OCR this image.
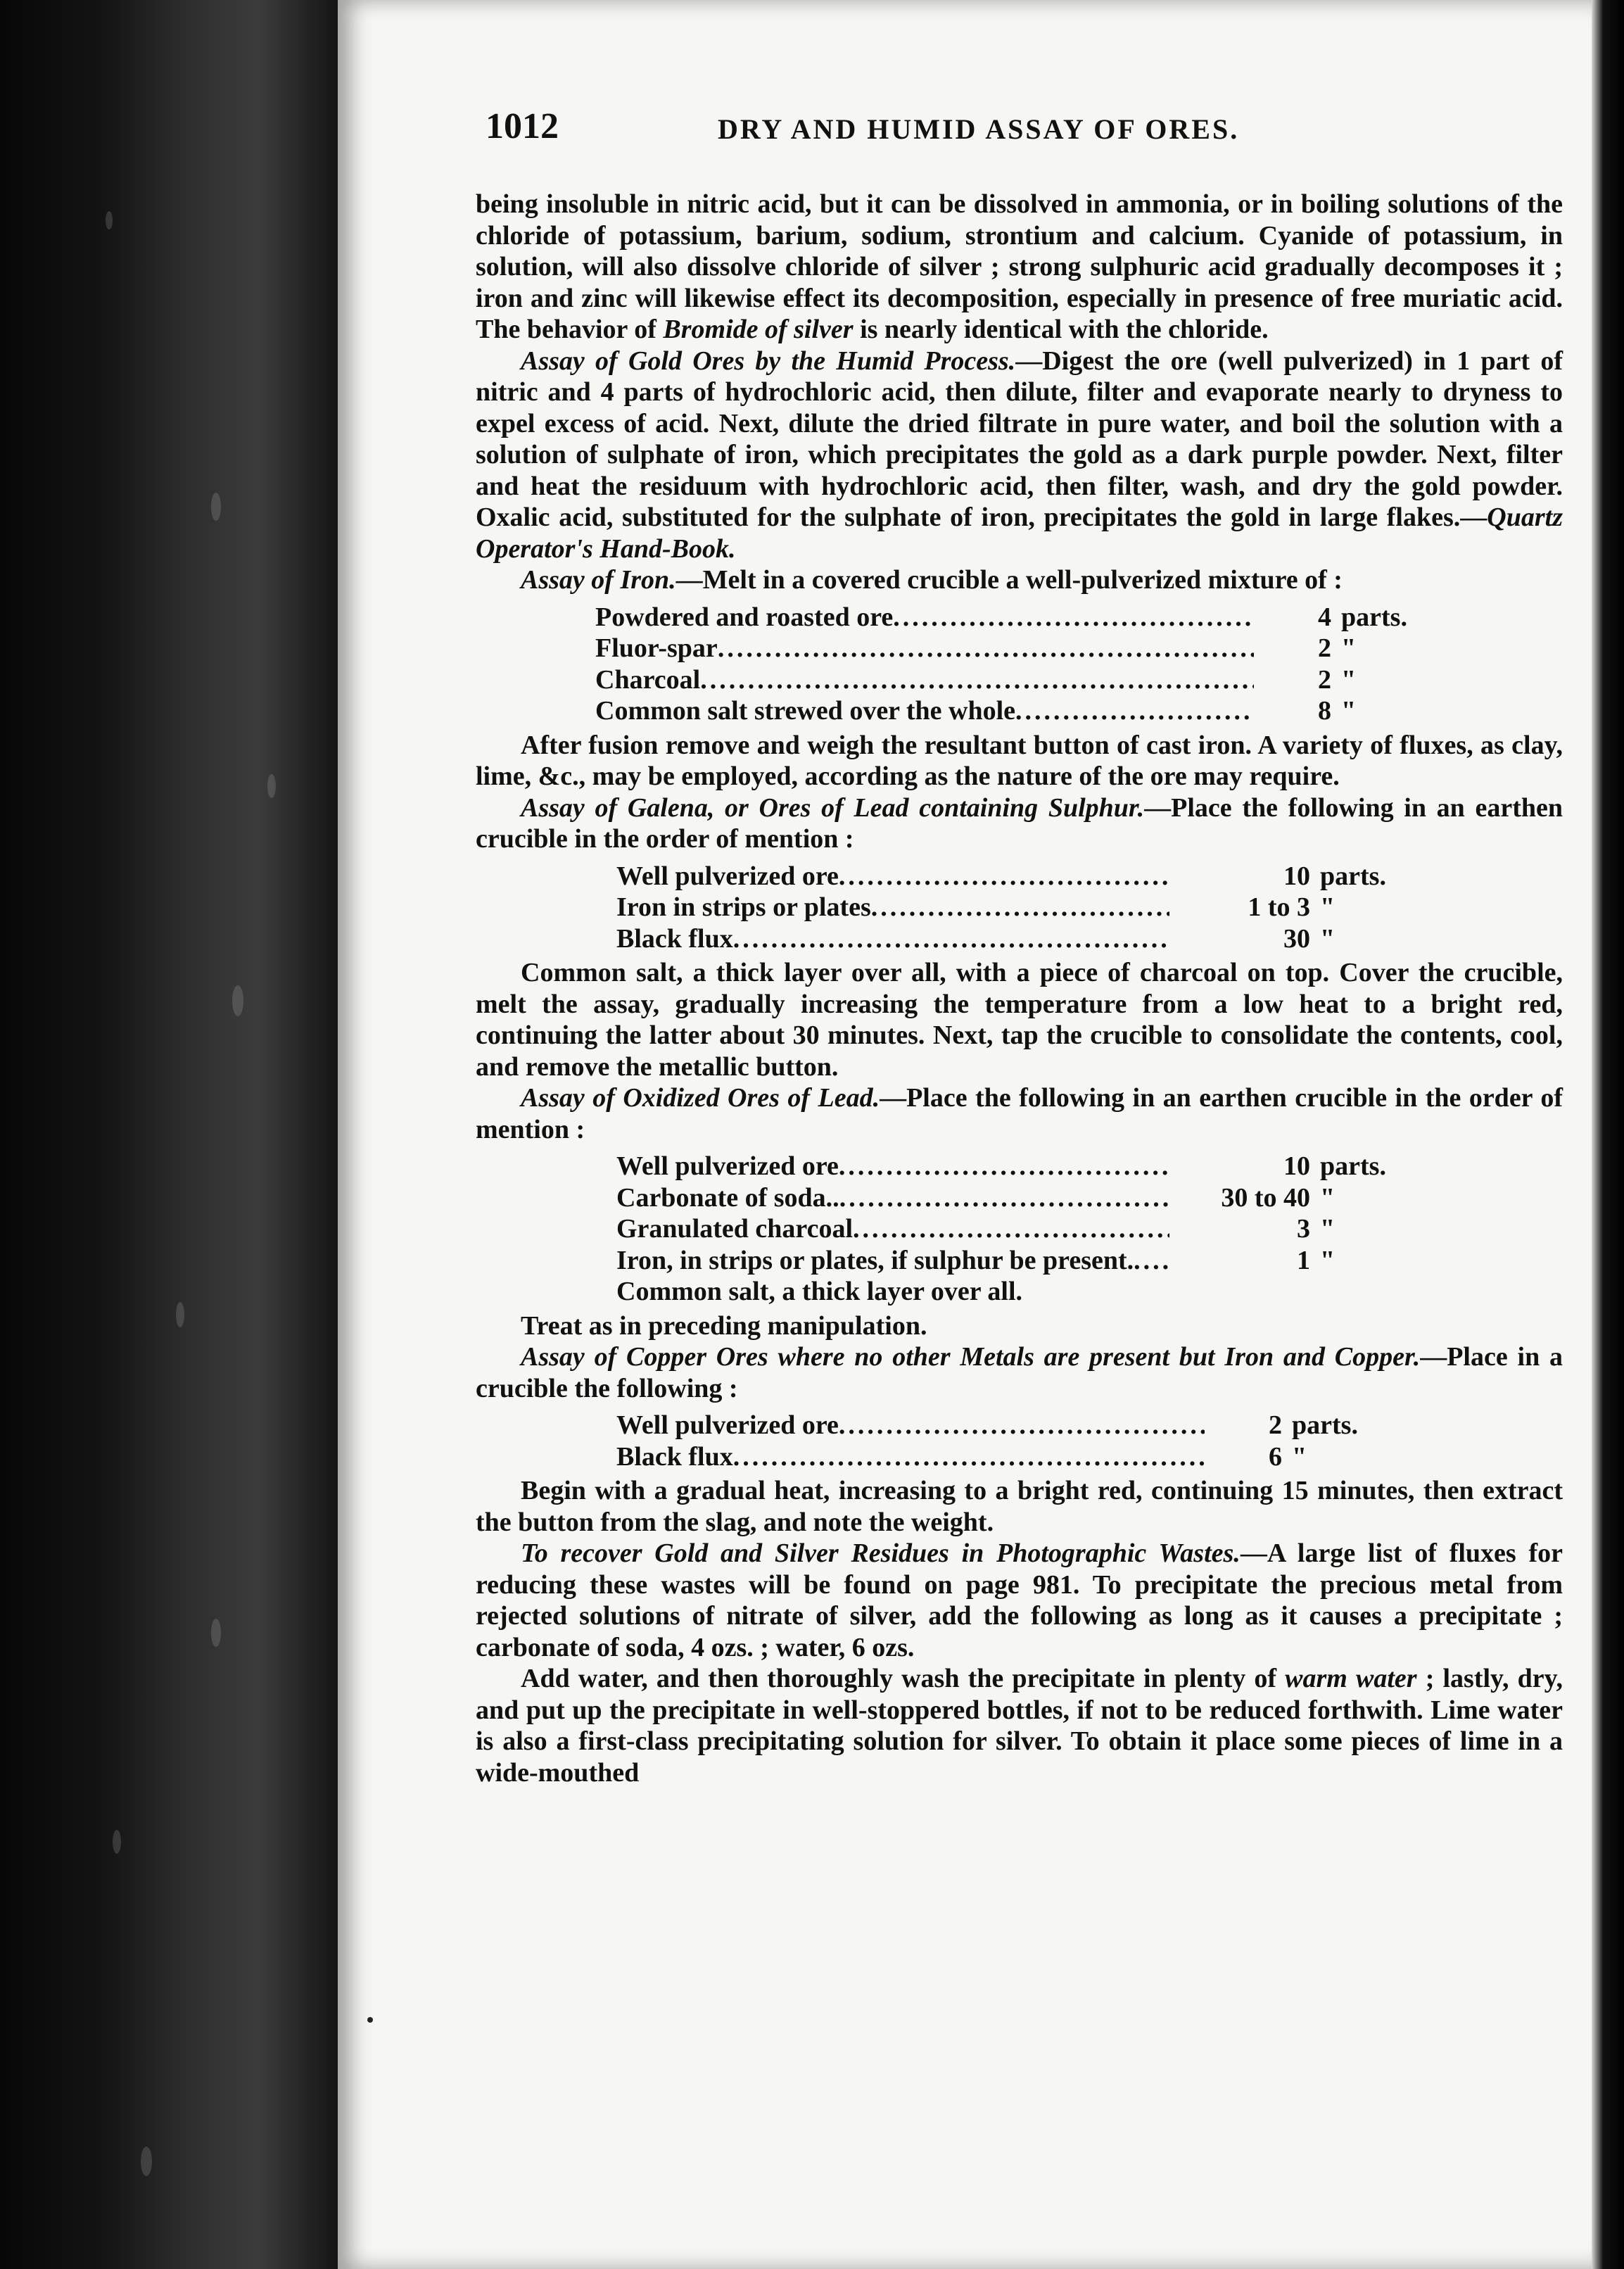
1012	DRY AND HUMID ASSAY OF ORES.

being insoluble in nitric acid, but it can be dissolved in ammonia, or in boiling solutions of the chloride of potassium, barium, sodium, strontium and calcium. Cyanide of potassium, in solution, will also dissolve chloride of silver ; strong sulphuric acid gradually decomposes it ; iron and zinc will likewise effect its decomposition, especially in presence of free muriatic acid. The behavior of Bromide of silver is nearly identical with the chloride.

Assay of Gold Ores by the Humid Process.—Digest the ore (well pulverized) in 1 part of nitric and 4 parts of hydrochloric acid, then dilute, filter and evaporate nearly to dryness to expel excess of acid. Next, dilute the dried filtrate in pure water, and boil the solution with a solution of sulphate of iron, which precipitates the gold as a dark purple powder. Next, filter and heat the residuum with hydrochloric acid, then filter, wash, and dry the gold powder. Oxalic acid, substituted for the sulphate of iron, precipitates the gold in large flakes.—Quartz Operator's Hand-Book.

Assay of Iron.—Melt in a covered crucible a well-pulverized mixture of :

Powdered and roasted ore .....	4 parts.
Fluor-spar .....	2 "
Charcoal .....	2 "
Common salt strewed over the whole .....	8 "

After fusion remove and weigh the resultant button of cast iron. A variety of fluxes, as clay, lime, &c., may be employed, according as the nature of the ore may require.

Assay of Galena, or Ores of Lead containing Sulphur.—Place the following in an earthen crucible in the order of mention :

Well pulverized ore .....	10 parts.
Iron in strips or plates .....	1 to 3 "
Black flux .....	30 "

Common salt, a thick layer over all, with a piece of charcoal on top. Cover the crucible, melt the assay, gradually increasing the temperature from a low heat to a bright red, continuing the latter about 30 minutes. Next, tap the crucible to consolidate the contents, cool, and remove the metallic button.

Assay of Oxidized Ores of Lead.—Place the following in an earthen crucible in the order of mention :

Well pulverized ore .....	10 parts.
Carbonate of soda.. .....	30 to 40 "
Granulated charcoal .....	3 "
Iron, in strips or plates, if sulphur be present. .....	1 "
Common salt, a thick layer over all.

Treat as in preceding manipulation.

Assay of Copper Ores where no other Metals are present but Iron and Copper.—Place in a crucible the following :

Well pulverized ore .....	2 parts.
Black flux .....	6 "

Begin with a gradual heat, increasing to a bright red, continuing 15 minutes, then extract the button from the slag, and note the weight.

To recover Gold and Silver Residues in Photographic Wastes.—A large list of fluxes for reducing these wastes will be found on page 981. To precipitate the precious metal from rejected solutions of nitrate of silver, add the following as long as it causes a precipitate ; carbonate of soda, 4 ozs. ; water, 6 ozs.

Add water, and then thoroughly wash the precipitate in plenty of warm water ; lastly, dry, and put up the precipitate in well-stoppered bottles, if not to be reduced forthwith. Lime water is also a first-class precipitating solution for silver. To obtain it place some pieces of lime in a wide-mouthed
